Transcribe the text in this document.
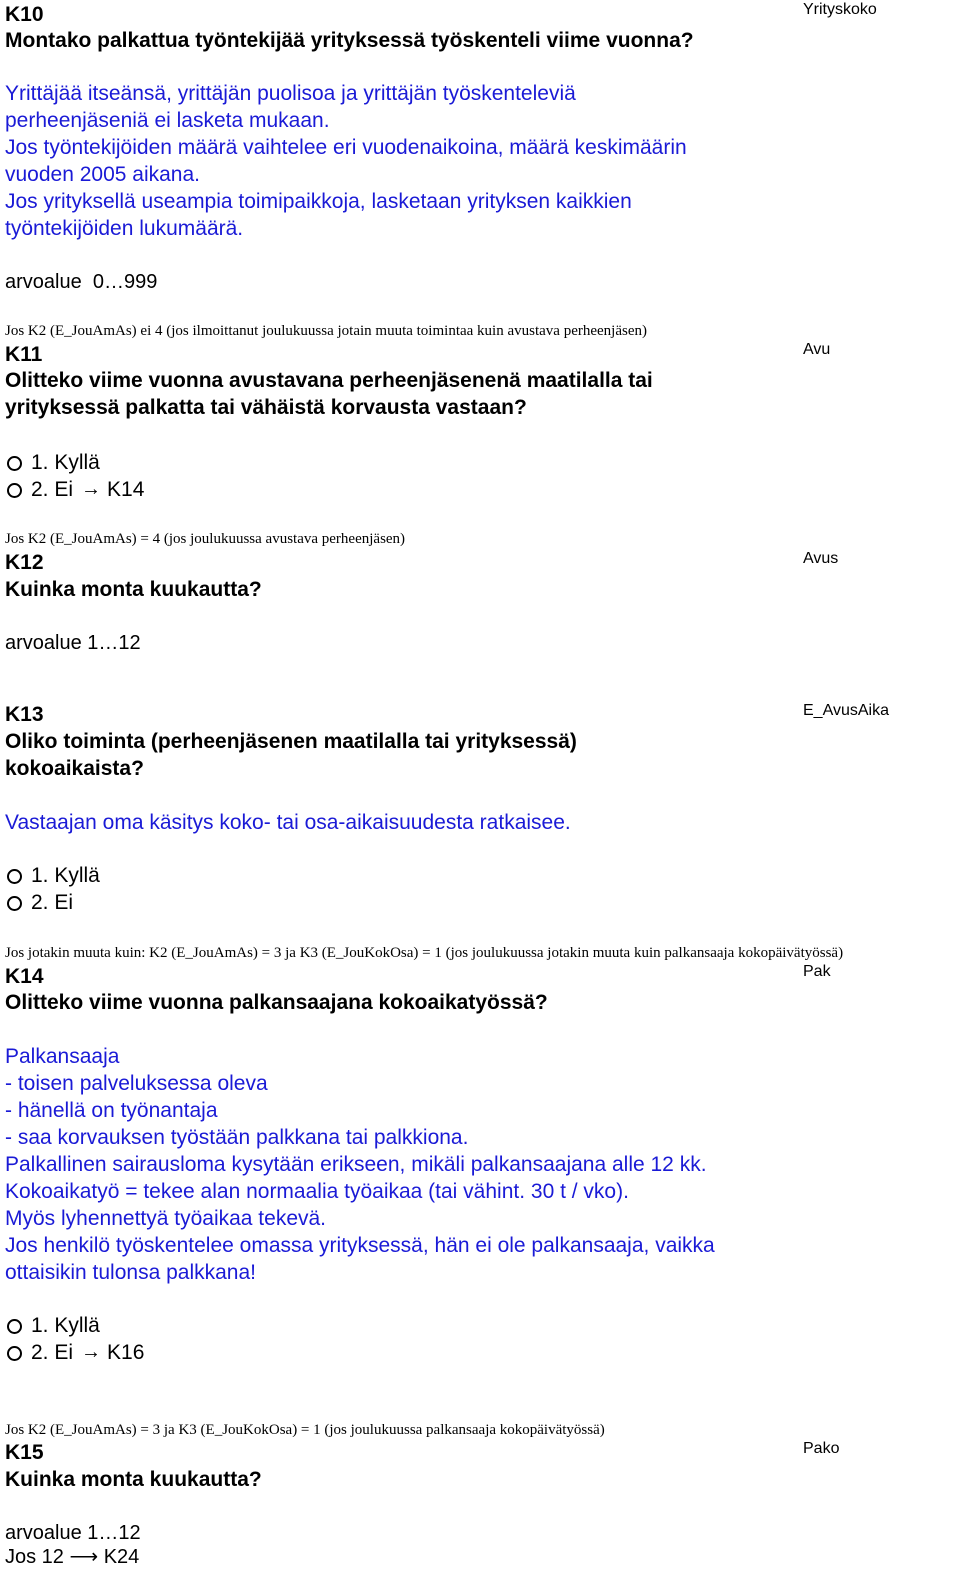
K10	Yrityskoko
Montako palkattua työntekijää yrityksessä työskenteli viime vuonna?
Yrittäjää itseänsä, yrittäjän puolisoa ja yrittäjän työskenteleviä
perheenjäseniä ei lasketa mukaan.
Jos työntekijöiden määrä vaihtelee eri vuodenaikoina, määrä keskimäärin
vuoden 2005 aikana.
Jos yrityksellä useampia toimipaikkoja, lasketaan yrityksen kaikkien
työntekijöiden lukumäärä.
arvoalue  0…999
Jos K2 (E_JouAmAs) ei 4 (jos ilmoittanut joulukuussa jotain muuta toimintaa kuin avustava perheenjäsen)
K11	Avu
Olitteko viime vuonna avustavana perheenjäsenenä maatilalla tai
yrityksessä palkatta tai vähäistä korvausta vastaan?
1. Kyllä
2. Ei → K14
Jos K2 (E_JouAmAs) = 4 (jos joulukuussa avustava perheenjäsen)
K12	Avus
Kuinka monta kuukautta?
arvoalue 1…12
K13	E_AvusAika
Oliko toiminta (perheenjäsenen maatilalla tai yrityksessä)
kokoaikaista?
Vastaajan oma käsitys koko- tai osa-aikaisuudesta ratkaisee.
1. Kyllä
2. Ei
Jos jotakin muuta kuin: K2 (E_JouAmAs) = 3 ja K3 (E_JouKokOsa) = 1 (jos joulukuussa jotakin muuta kuin palkansaaja kokopäivätyössä)
K14	Pak
Olitteko viime vuonna palkansaajana kokoaikatyössä?
Palkansaaja
- toisen palveluksessa oleva
- hänellä on työnantaja
- saa korvauksen työstään palkkana tai palkkiona.
Palkallinen sairausloma kysytään erikseen, mikäli palkansaajana alle 12 kk.
Kokoaikatyö = tekee alan normaalia työaikaa (tai vähint. 30 t / vko).
Myös lyhennettyä työaikaa tekevä.
Jos henkilö työskentelee omassa yrityksessä, hän ei ole palkansaaja, vaikka
ottaisikin tulonsa palkkana!
1. Kyllä
2. Ei → K16
Jos K2 (E_JouAmAs) = 3 ja K3 (E_JouKokOsa) = 1 (jos joulukuussa palkansaaja kokopäivätyössä)
K15	Pako
Kuinka monta kuukautta?
arvoalue 1…12
Jos 12 ⟶ K24
